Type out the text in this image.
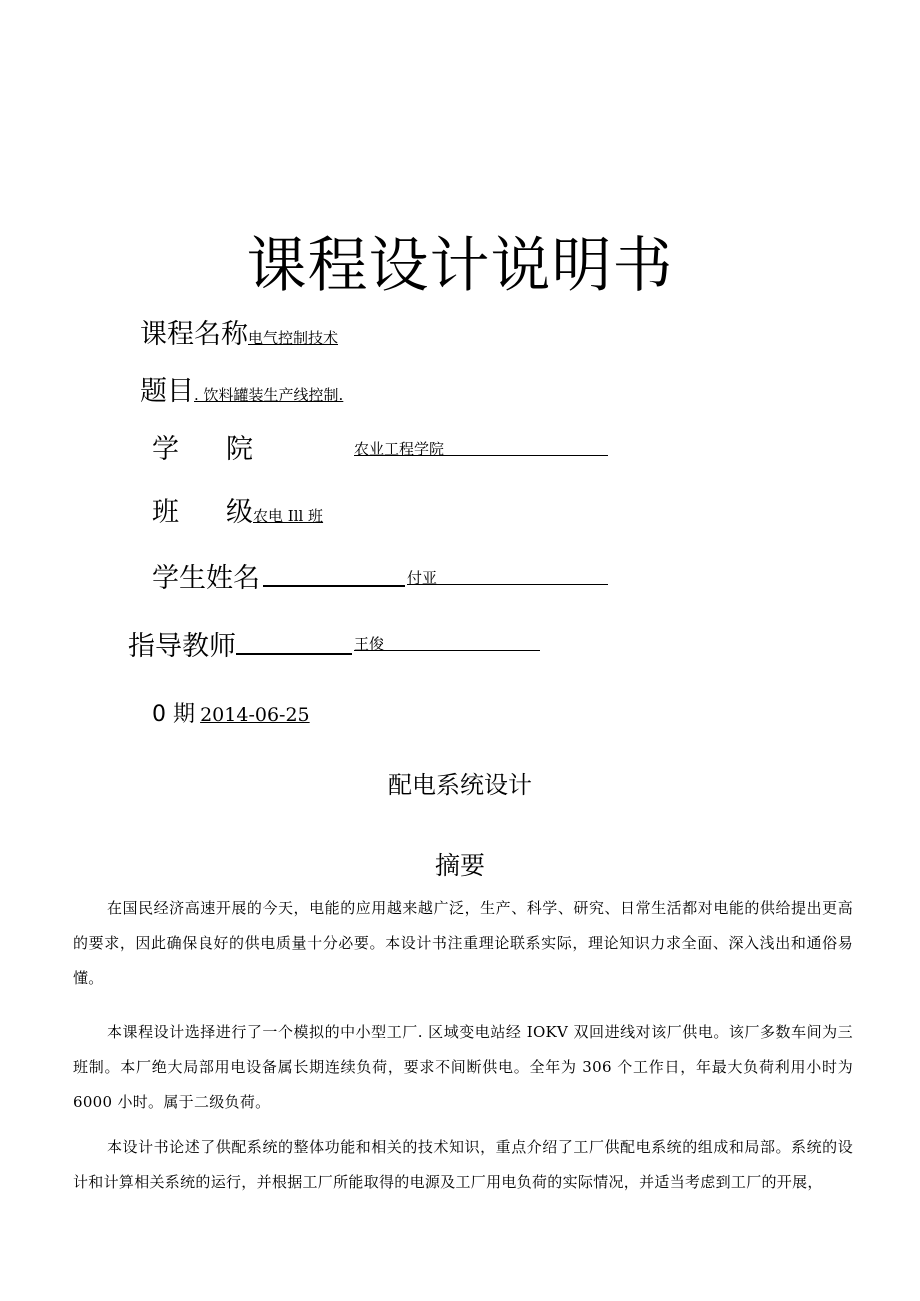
课程设计说明书
课程名称电气控制技术
题目. 饮料罐装生产线控制.
学 院	农业工程学院
班 级农电 Ill 班
学生姓名	付亚
指导教师	王俊
0 期 2014-06-25
配电系统设计
摘要
在国民经济高速开展的今天，电能的应用越来越广泛，生产、科学、研究、日常生活都对电能的供给提出更高的要求，因此确保良好的供电质量十分必要。本设计书注重理论联系实际，理论知识力求全面、深入浅出和通俗易懂。
本课程设计选择进行了一个模拟的中小型工厂. 区域变电站经 IOKV 双回进线对该厂供电。该厂多数车间为三班制。本厂绝大局部用电设备属长期连续负荷，要求不间断供电。全年为 306 个工作日，年最大负荷利用小时为 6000 小时。属于二级负荷。
本设计书论述了供配系统的整体功能和相关的技术知识，重点介绍了工厂供配电系统的组成和局部。系统的设计和计算相关系统的运行，并根据工厂所能取得的电源及工厂用电负荷的实际情况，并适当考虑到工厂的开展，
